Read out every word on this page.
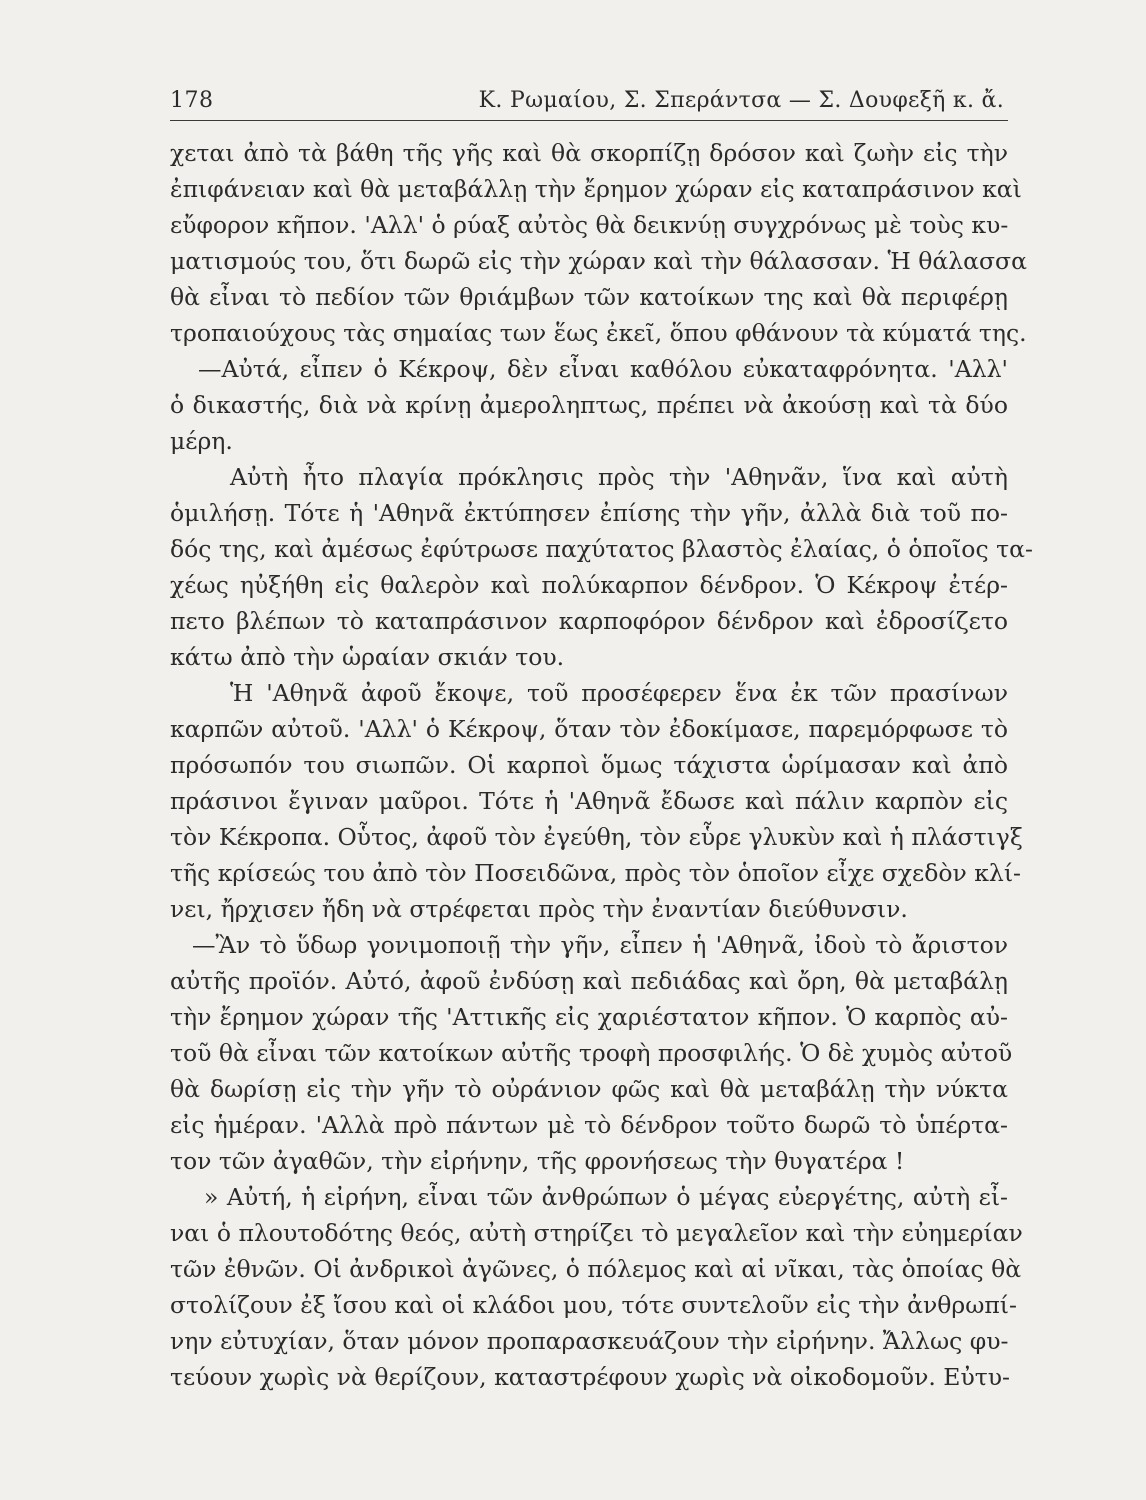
178	Κ. Ρωμαίου, Σ. Σπεράντσα — Σ. Δουφεξῆ κ. ἄ.
χεται ἀπὸ τὰ βάθη τῆς γῆς καὶ θὰ σκορπίζῃ δρόσον καὶ ζωὴν εἰς τὴν
ἐπιφάνειαν καὶ θὰ μεταβάλλῃ τὴν ἔρημον χώραν εἰς καταπράσινον καὶ
εὔφορον κῆπον. 'Αλλ' ὁ ρύαξ αὐτὸς θὰ δεικνύῃ συγχρόνως μὲ τοὺς κυ-
ματισμούς του, ὅτι δωρῶ εἰς τὴν χώραν καὶ τὴν θάλασσαν. Ἡ θάλασσα
θὰ εἶναι τὸ πεδίον τῶν θριάμβων τῶν κατοίκων της καὶ θὰ περιφέρῃ
τροπαιούχους τὰς σημαίας των ἕως ἐκεῖ, ὅπου φθάνουν τὰ κύματά της.
—Αὐτά, εἶπεν ὁ Κέκροψ, δὲν εἶναι καθόλου εὐκαταφρόνητα. 'Αλλ'
ὁ δικαστής, διὰ νὰ κρίνῃ ἀμεροληπτως, πρέπει νὰ ἀκούσῃ καὶ τὰ δύο
μέρη.
Αὐτὴ ἦτο πλαγία πρόκλησις πρὸς τὴν 'Αθηνᾶν, ἵνα καὶ αὐτὴ
ὁμιλήσῃ. Τότε ἡ 'Αθηνᾶ ἐκτύπησεν ἐπίσης τὴν γῆν, ἀλλὰ διὰ τοῦ πο-
δός της, καὶ ἀμέσως ἐφύτρωσε παχύτατος βλαστὸς ἐλαίας, ὁ ὁποῖος τα-
χέως ηὐξήθη εἰς θαλερὸν καὶ πολύκαρπον δένδρον. Ὁ Κέκροψ ἐτέρ-
πετο βλέπων τὸ καταπράσινον καρποφόρον δένδρον καὶ ἐδροσίζετο
κάτω ἀπὸ τὴν ὡραίαν σκιάν του.
Ἡ 'Αθηνᾶ ἀφοῦ ἔκοψε, τοῦ προσέφερεν ἕνα ἐκ τῶν πρασίνων
καρπῶν αὐτοῦ. 'Αλλ' ὁ Κέκροψ, ὅταν τὸν ἐδοκίμασε, παρεμόρφωσε τὸ
πρόσωπόν του σιωπῶν. Οἱ καρποὶ ὅμως τάχιστα ὡρίμασαν καὶ ἀπὸ
πράσινοι ἔγιναν μαῦροι. Τότε ἡ 'Αθηνᾶ ἔδωσε καὶ πάλιν καρπὸν εἰς
τὸν Κέκροπα. Οὗτος, ἀφοῦ τὸν ἐγεύθη, τὸν εὗρε γλυκὺν καὶ ἡ πλάστιγξ
τῆς κρίσεώς του ἀπὸ τὸν Ποσειδῶνα, πρὸς τὸν ὁποῖον εἶχε σχεδὸν κλί-
νει, ἤρχισεν ἤδη νὰ στρέφεται πρὸς τὴν ἐναντίαν διεύθυνσιν.
—Ἂν τὸ ὕδωρ γονιμοποιῇ τὴν γῆν, εἶπεν ἡ 'Αθηνᾶ, ἰδοὺ τὸ ἄριστον
αὐτῆς προϊόν. Αὐτό, ἀφοῦ ἐνδύσῃ καὶ πεδιάδας καὶ ὄρη, θὰ μεταβάλῃ
τὴν ἔρημον χώραν τῆς 'Αττικῆς εἰς χαριέστατον κῆπον. Ὁ καρπὸς αὐ-
τοῦ θὰ εἶναι τῶν κατοίκων αὐτῆς τροφὴ προσφιλής. Ὁ δὲ χυμὸς αὐτοῦ
θὰ δωρίσῃ εἰς τὴν γῆν τὸ οὐράνιον φῶς καὶ θὰ μεταβάλῃ τὴν νύκτα
εἰς ἡμέραν. 'Αλλὰ πρὸ πάντων μὲ τὸ δένδρον τοῦτο δωρῶ τὸ ὑπέρτα-
τον τῶν ἀγαθῶν, τὴν εἰρήνην, τῆς φρονήσεως τὴν θυγατέρα !
» Αὐτή, ἡ εἰρήνη, εἶναι τῶν ἀνθρώπων ὁ μέγας εὐεργέτης, αὐτὴ εἶ-
ναι ὁ πλουτοδότης θεός, αὐτὴ στηρίζει τὸ μεγαλεῖον καὶ τὴν εὐημερίαν
τῶν ἐθνῶν. Οἱ ἀνδρικοὶ ἀγῶνες, ὁ πόλεμος καὶ αἱ νῖκαι, τὰς ὁποίας θὰ
στολίζουν ἐξ ἴσου καὶ οἱ κλάδοι μου, τότε συντελοῦν εἰς τὴν ἀνθρωπί-
νην εὐτυχίαν, ὅταν μόνον προπαρασκευάζουν τὴν εἰρήνην. Ἄλλως φυ-
τεύουν χωρὶς νὰ θερίζουν, καταστρέφουν χωρὶς νὰ οἰκοδομοῦν. Εὐτυ-
